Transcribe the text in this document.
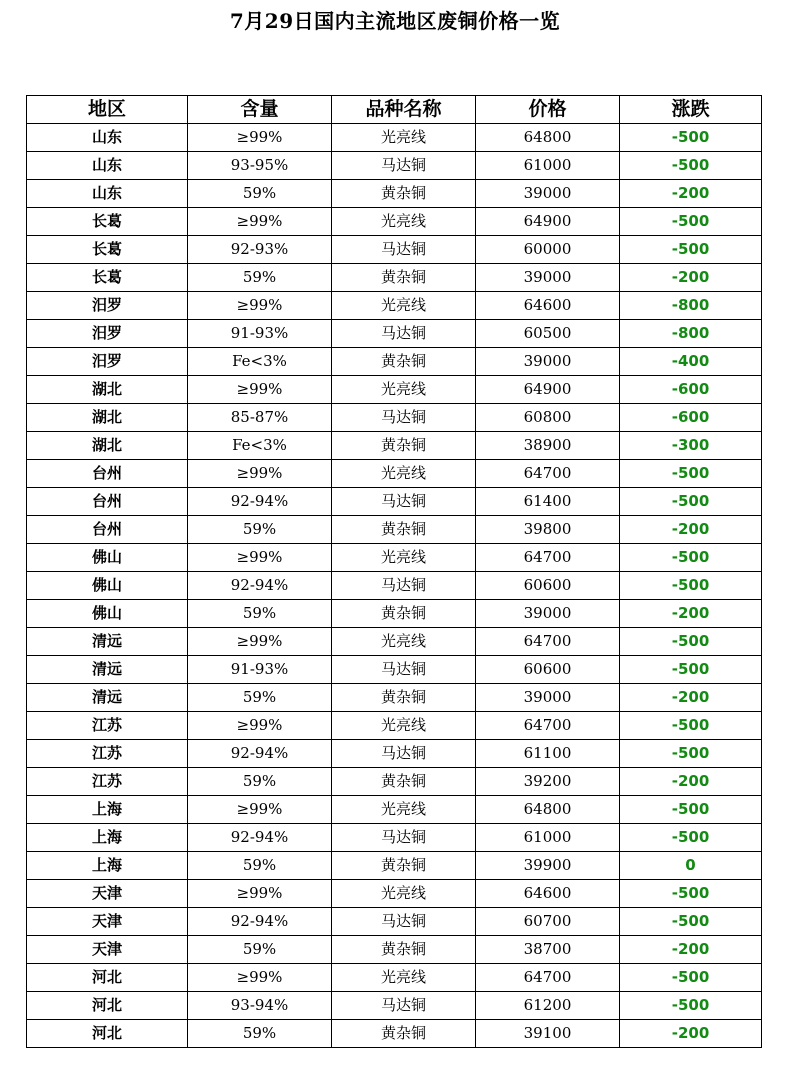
7月29日国内主流地区废铜价格一览
地区	含量	品种名称	价格	涨跌
山东	≥99%	光亮线	64800	-500
山东	93-95%	马达铜	61000	-500
山东	59%	黄杂铜	39000	-200
长葛	≥99%	光亮线	64900	-500
长葛	92-93%	马达铜	60000	-500
长葛	59%	黄杂铜	39000	-200
汨罗	≥99%	光亮线	64600	-800
汨罗	91-93%	马达铜	60500	-800
汨罗	Fe<3%	黄杂铜	39000	-400
湖北	≥99%	光亮线	64900	-600
湖北	85-87%	马达铜	60800	-600
湖北	Fe<3%	黄杂铜	38900	-300
台州	≥99%	光亮线	64700	-500
台州	92-94%	马达铜	61400	-500
台州	59%	黄杂铜	39800	-200
佛山	≥99%	光亮线	64700	-500
佛山	92-94%	马达铜	60600	-500
佛山	59%	黄杂铜	39000	-200
清远	≥99%	光亮线	64700	-500
清远	91-93%	马达铜	60600	-500
清远	59%	黄杂铜	39000	-200
江苏	≥99%	光亮线	64700	-500
江苏	92-94%	马达铜	61100	-500
江苏	59%	黄杂铜	39200	-200
上海	≥99%	光亮线	64800	-500
上海	92-94%	马达铜	61000	-500
上海	59%	黄杂铜	39900	0
天津	≥99%	光亮线	64600	-500
天津	92-94%	马达铜	60700	-500
天津	59%	黄杂铜	38700	-200
河北	≥99%	光亮线	64700	-500
河北	93-94%	马达铜	61200	-500
河北	59%	黄杂铜	39100	-200
